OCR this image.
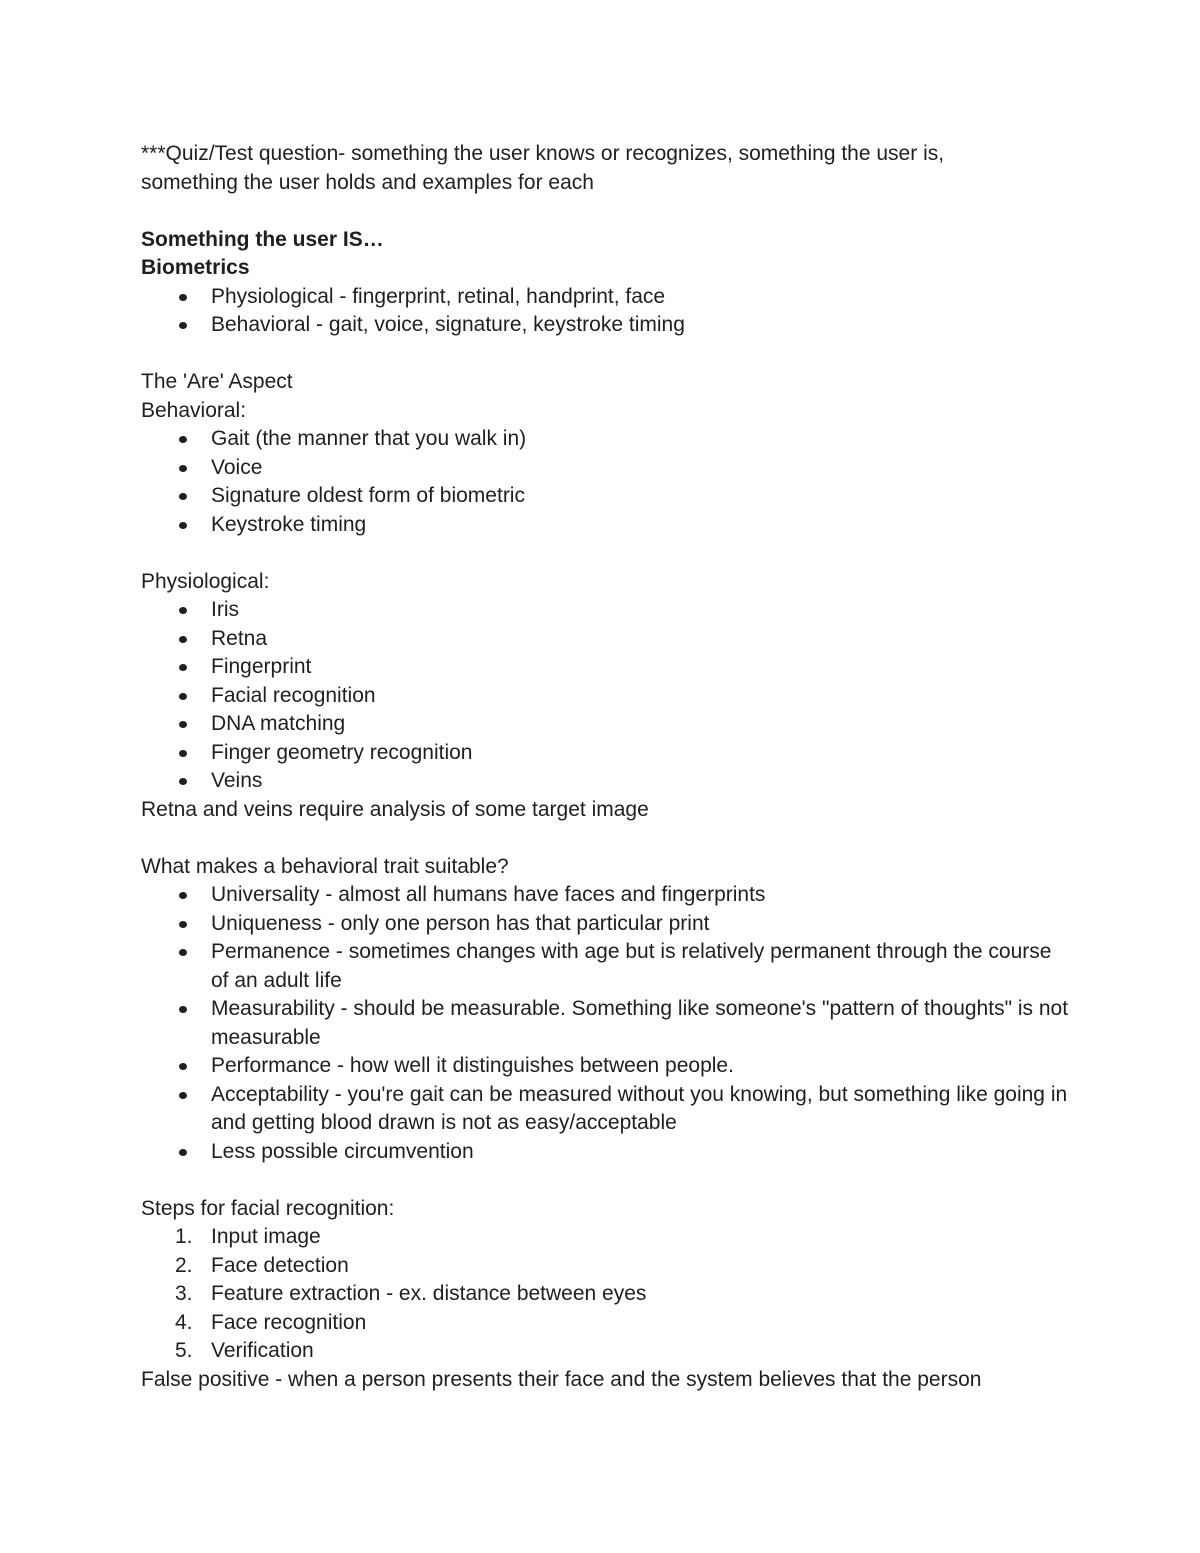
***Quiz/Test question- something the user knows or recognizes, something the user is,

something the user holds and examples for each

Something the user IS…

Biometrics

Physiological - fingerprint, retinal, handprint, face
Behavioral - gait, voice, signature, keystroke timing

The 'Are' Aspect

Behavioral:

Gait (the manner that you walk in)
Voice
Signature oldest form of biometric
Keystroke timing

Physiological:

Iris
Retna
Fingerprint
Facial recognition
DNA matching
Finger geometry recognition
Veins

Retna and veins require analysis of some target image

What makes a behavioral trait suitable?

Universality - almost all humans have faces and fingerprints
Uniqueness - only one person has that particular print
Permanence - sometimes changes with age but is relatively permanent through the course of an adult life
Measurability - should be measurable. Something like someone's "pattern of thoughts" is not measurable
Performance - how well it distinguishes between people.
Acceptability - you're gait can be measured without you knowing, but something like going in and getting blood drawn is not as easy/acceptable
Less possible circumvention

Steps for facial recognition:

1. Input image
2. Face detection
3. Feature extraction - ex. distance between eyes
4. Face recognition
5. Verification

False positive - when a person presents their face and the system believes that the person
